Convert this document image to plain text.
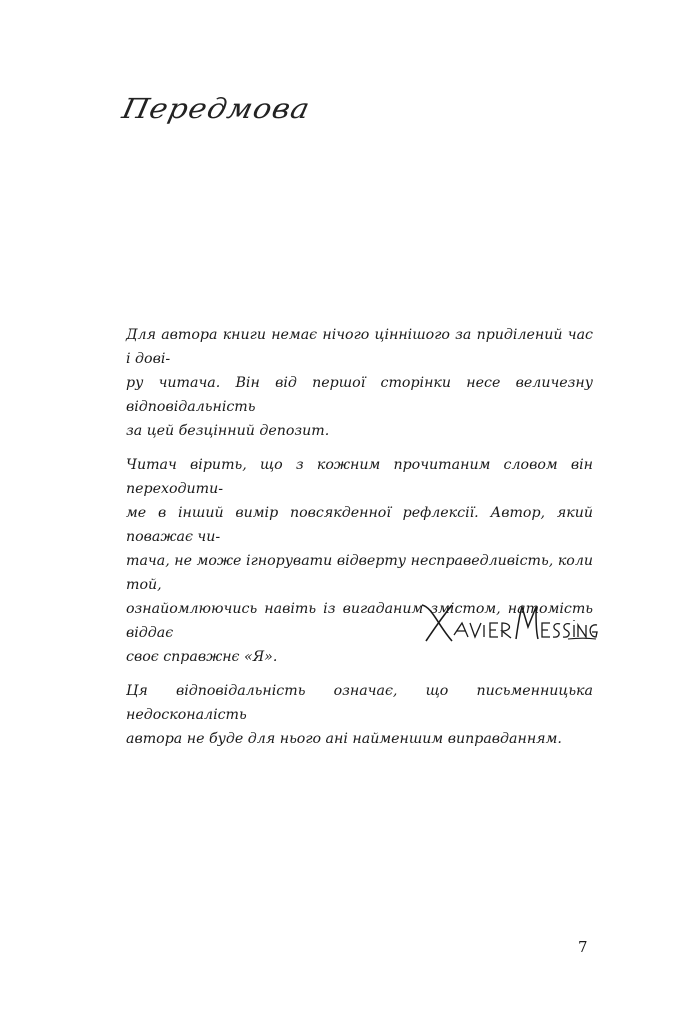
Передмова

Для автора книги немає нічого ціннішого за приділений час і дові-
ру читача. Він від першої сторінки несе величезну відповідальність
за цей безцінний депозит.

Читач вірить, що з кожним прочитаним словом він переходити-
ме в інший вимір повсякденної рефлексії. Автор, який поважає чи-
тача, не може ігнорувати відверту несправедливість, коли той,
ознайомлюючись навіть із вигаданим змістом, натомість віддає
своє справжнє «Я».

Ця відповідальність означає, що письменницька недосконалість
автора не буде для нього ані найменшим виправданням.

7
